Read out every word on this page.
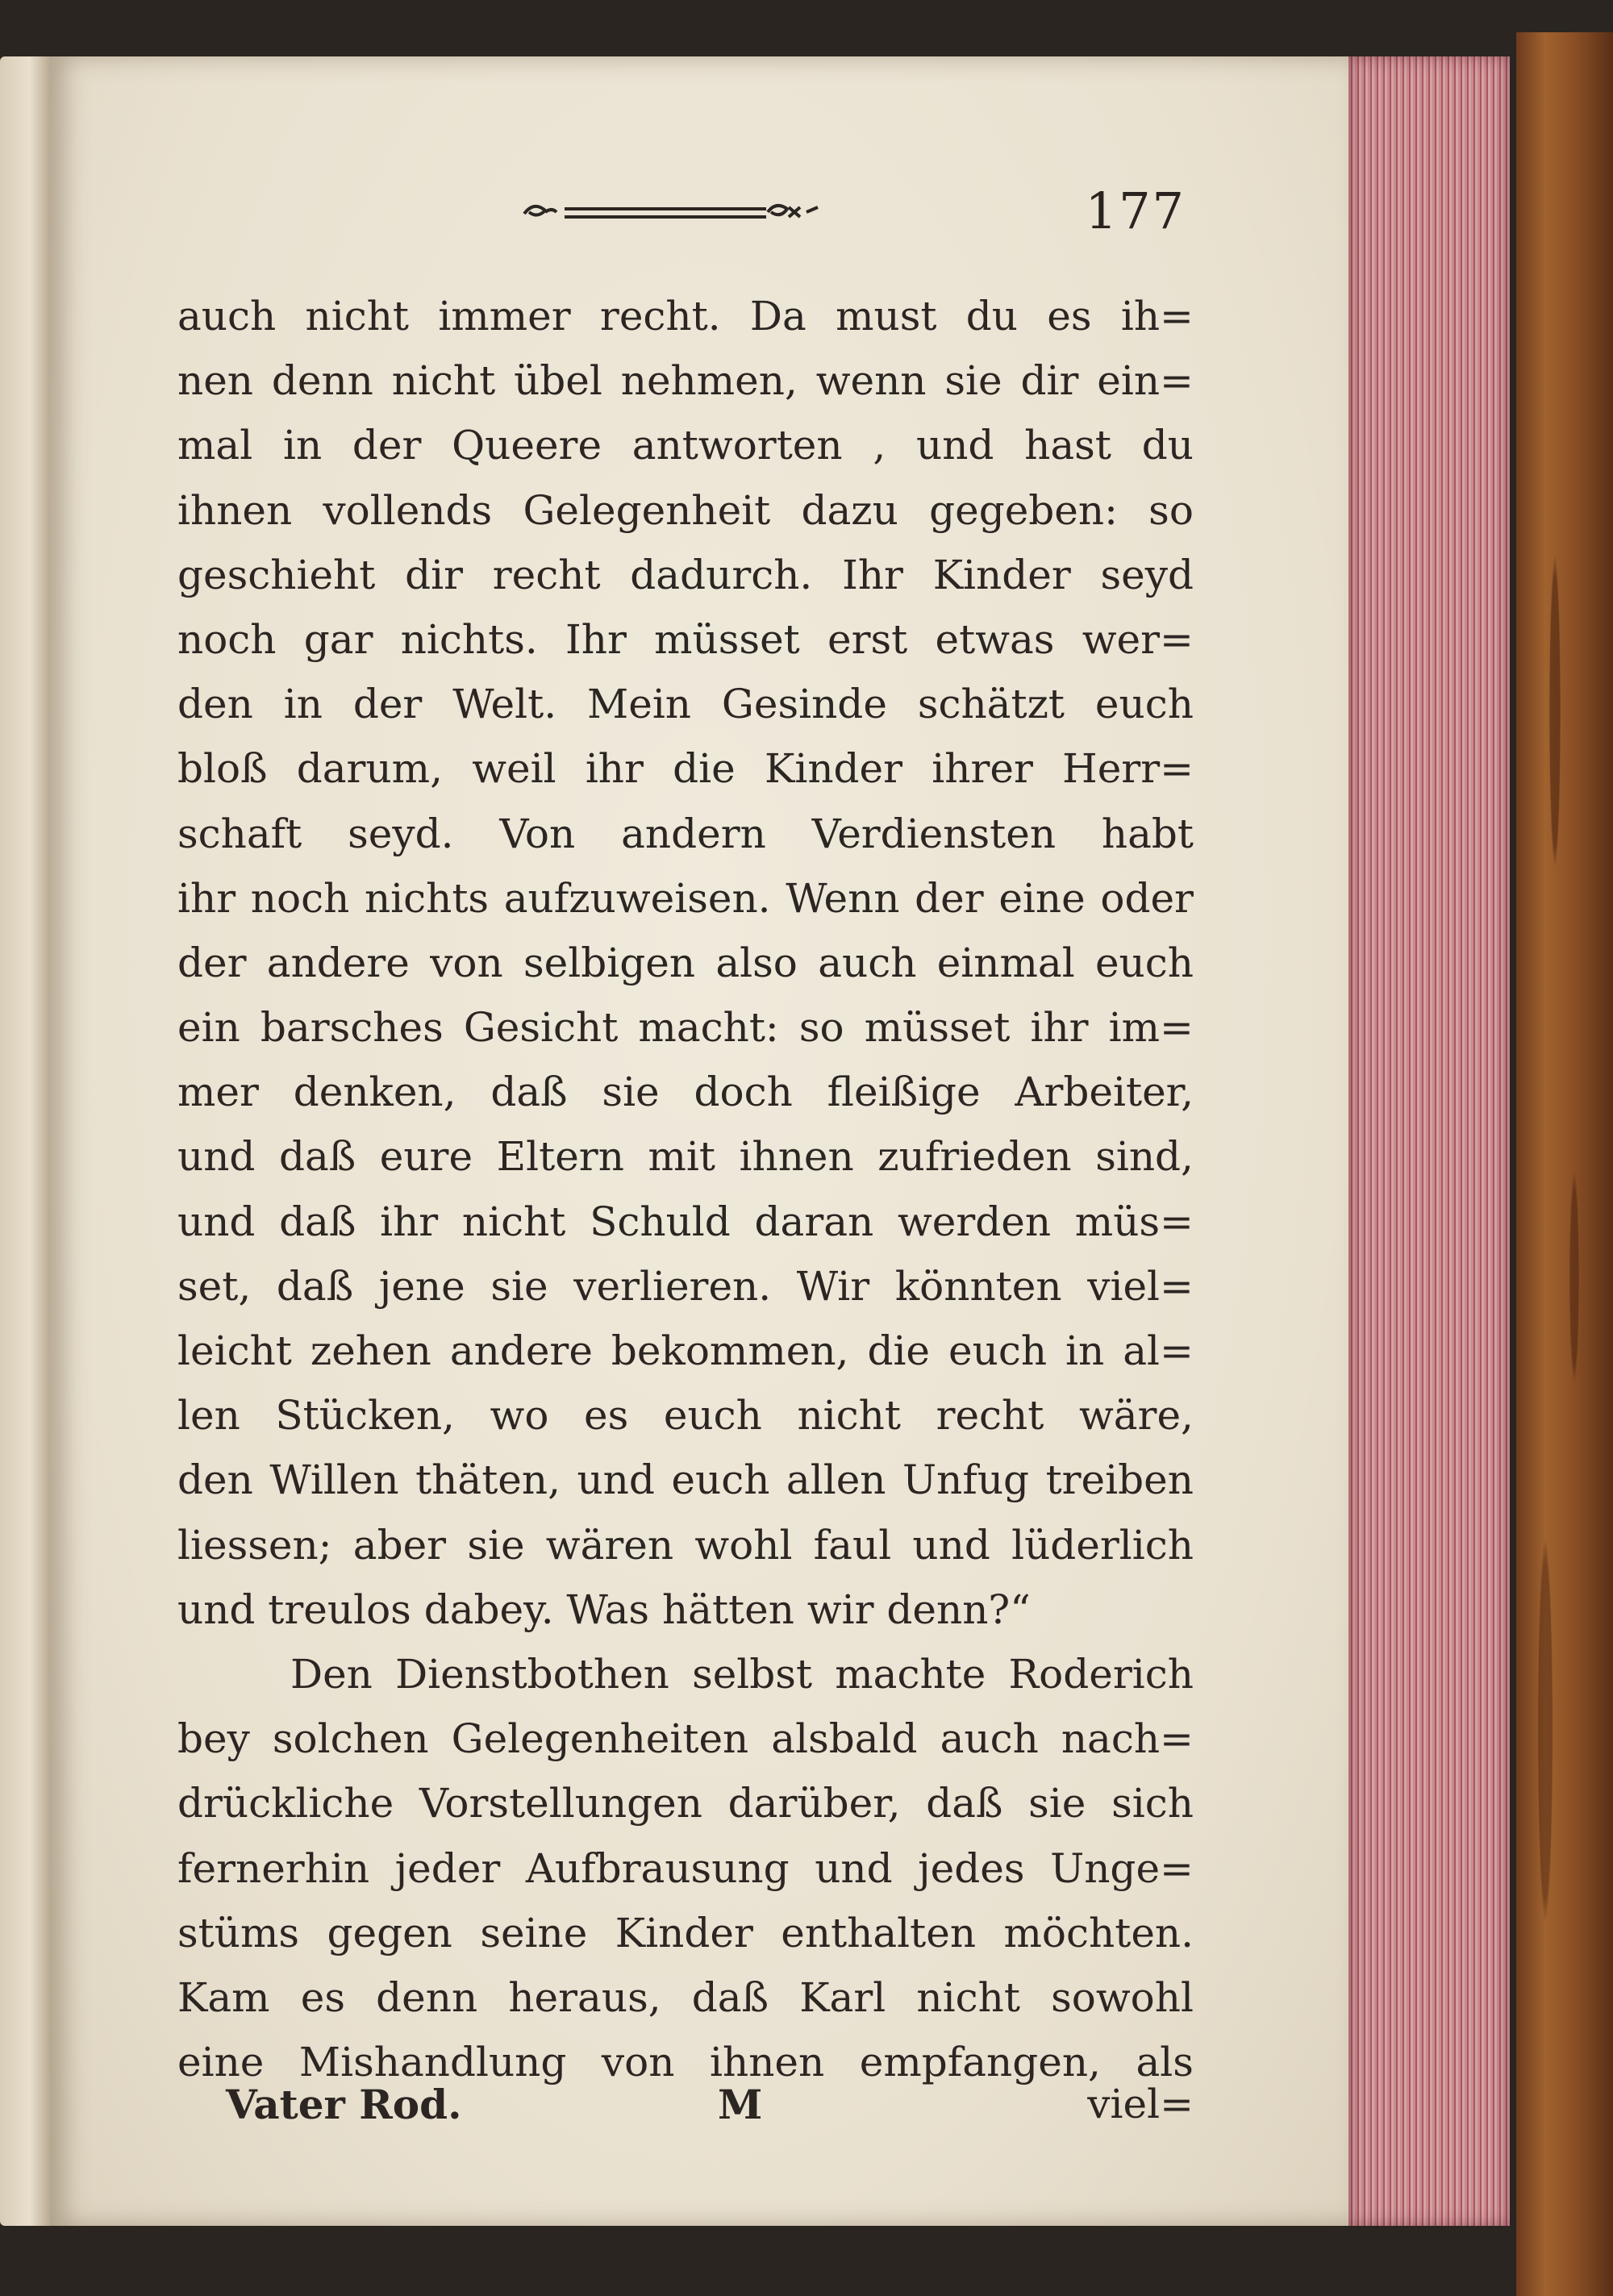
177
auch nicht immer recht. Da must du es ih=
nen denn nicht übel nehmen, wenn sie dir ein=
mal in der Queere antworten , und hast du
ihnen vollends Gelegenheit dazu gegeben: so
geschieht dir recht dadurch. Ihr Kinder seyd
noch gar nichts. Ihr müsset erst etwas wer=
den in der Welt. Mein Gesinde schätzt euch
bloß darum, weil ihr die Kinder ihrer Herr=
schaft seyd. Von andern Verdiensten habt
ihr noch nichts aufzuweisen. Wenn der eine oder
der andere von selbigen also auch einmal euch
ein barsches Gesicht macht: so müsset ihr im=
mer denken, daß sie doch fleißige Arbeiter,
und daß eure Eltern mit ihnen zufrieden sind,
und daß ihr nicht Schuld daran werden müs=
set, daß jene sie verlieren. Wir könnten viel=
leicht zehen andere bekommen, die euch in al=
len Stücken, wo es euch nicht recht wäre,
den Willen thäten, und euch allen Unfug treiben
liessen; aber sie wären wohl faul und lüderlich
und treulos dabey. Was hätten wir denn?“
Den Dienstbothen selbst machte Roderich
bey solchen Gelegenheiten alsbald auch nach=
drückliche Vorstellungen darüber, daß sie sich
fernerhin jeder Aufbrausung und jedes Unge=
stüms gegen seine Kinder enthalten möchten.
Kam es denn heraus, daß Karl nicht sowohl
eine Mishandlung von ihnen empfangen, als
Vater Rod.	M	viel=
